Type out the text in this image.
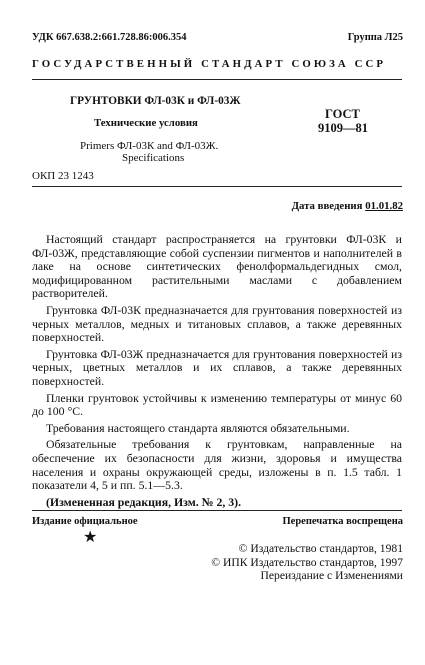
УДК 667.638.2:661.728.86:006.354	Группа Л25
ГОСУДАРСТВЕННЫЙ СТАНДАРТ СОЮЗА ССР
ГРУНТОВКИ ФЛ-03К и ФЛ-03Ж
Технические условия
Primers ФЛ-03К and ФЛ-03Ж.
Specifications
ГОСТ
9109—81
ОКП 23 1243
Дата введения 01.01.82

Настоящий стандарт распространяется на грунтовки ФЛ-03К и ФЛ-03Ж, представляющие собой суспензии пигментов и наполнителей в лаке на основе синтетических фенолформальдегидных смол, модифицированном растительными маслами с добавлением растворителей.

Грунтовка ФЛ-03К предназначается для грунтования поверхностей из черных металлов, медных и титановых сплавов, а также деревянных поверхностей.

Грунтовка ФЛ-03Ж предназначается для грунтования поверхностей из черных, цветных металлов и их сплавов, а также деревянных поверхностей.

Пленки грунтовок устойчивы к изменению температуры от минус 60 до 100 °С.

Требования настоящего стандарта являются обязательными.

Обязательные требования к грунтовкам, направленные на обеспечение их безопасности для жизни, здоровья и имущества населения и охраны окружающей среды, изложены в п. 1.5 табл. 1 показатели 4, 5 и пп. 5.1—5.3.

(Измененная редакция, Изм. № 2, 3).

Издание официальное	Перепечатка воспрещена
★
© Издательство стандартов, 1981
© ИПК Издательство стандартов, 1997
Переиздание с Изменениями
